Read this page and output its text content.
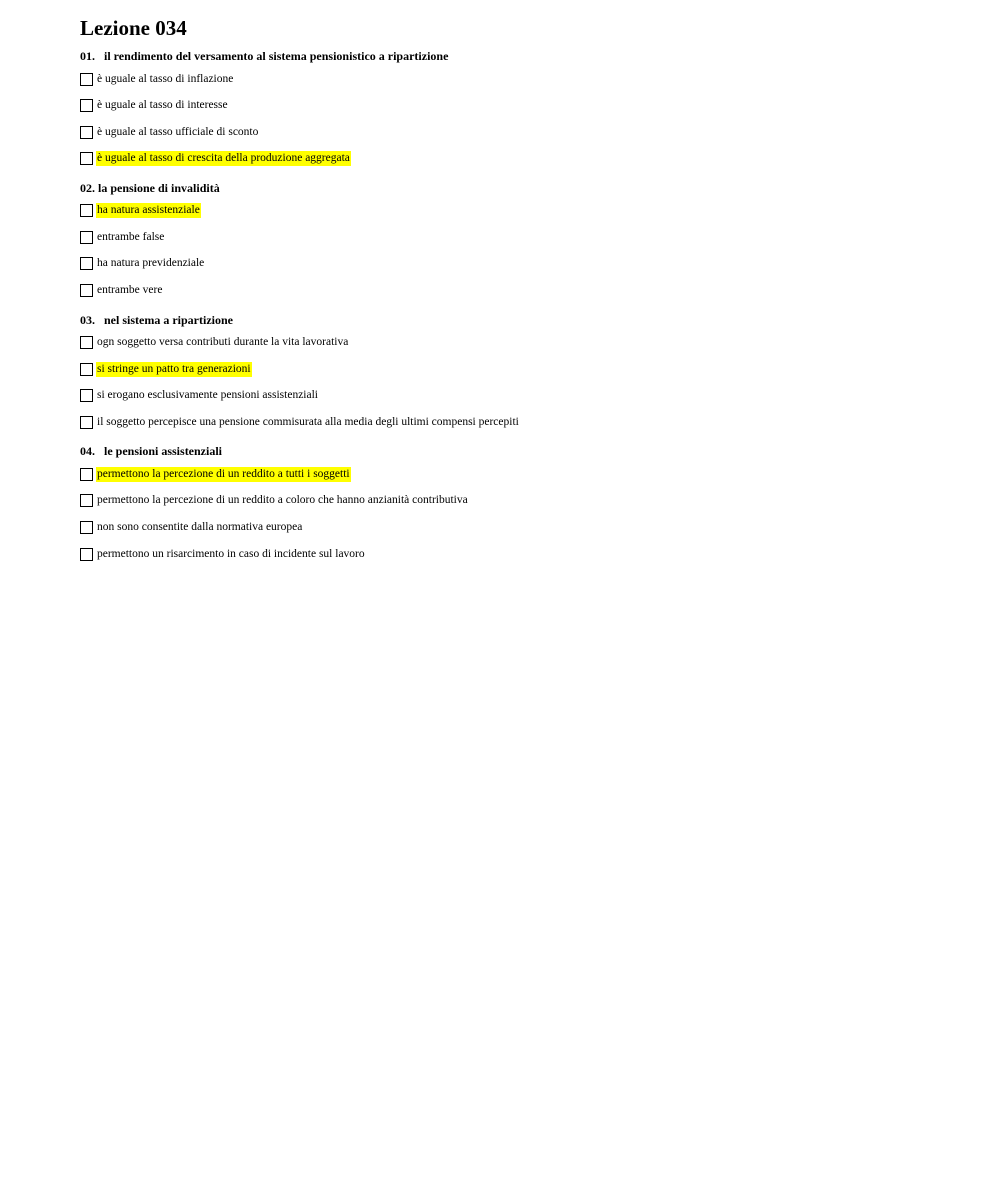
Lezione 034
01.   il rendimento del versamento al sistema pensionistico a ripartizione
è uguale al tasso di inflazione
è uguale al tasso di interesse
è uguale al tasso ufficiale di sconto
è uguale al tasso di crescita della produzione aggregata
02. la pensione di invalidità
ha natura assistenziale
entrambe false
ha natura previdenziale
entrambe vere
03.   nel sistema a ripartizione
ogn soggetto versa contributi durante la vita lavorativa
si stringe un patto tra generazioni
si erogano esclusivamente pensioni assistenziali
il soggetto percepisce una pensione commisurata alla media degli ultimi compensi percepiti
04.   le pensioni assistenziali
permettono la percezione di un reddito a tutti i soggetti
permettono la percezione di un reddito a coloro che hanno anzianità contributiva
non sono consentite dalla normativa europea
permettono un risarcimento in caso di incidente sul lavoro
